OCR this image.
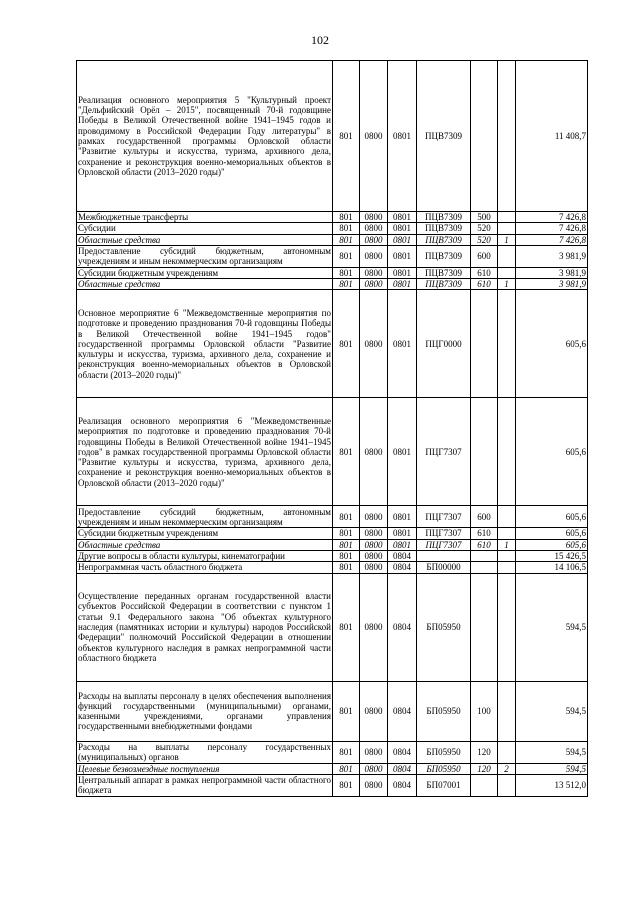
102
Реализация основного мероприятия 5 "Культурный проект "Дельфийский Орёл – 2015", посвященный 70-й годовщине Победы в Великой Отечественной войне 1941–1945 годов и проводимому в Российской Федерации Году литературы" в рамках государственной программы Орловской области "Развитие культуры и искусства, туризма, архивного дела, сохранение и реконструкция военно-мемориальных объектов в Орловской области (2013–2020 годы)"	801	0800	0801	ПЦВ7309			11 408,7
Межбюджетные трансферты	801	0800	0801	ПЦВ7309	500		7 426,8
Субсидии	801	0800	0801	ПЦВ7309	520		7 426,8
Областные средства	801	0800	0801	ПЦВ7309	520	1	7 426,8
Предоставление субсидий бюджетным, автономным учреждениям и иным некоммерческим организациям	801	0800	0801	ПЦВ7309	600		3 981,9
Субсидии бюджетным учреждениям	801	0800	0801	ПЦВ7309	610		3 981,9
Областные средства	801	0800	0801	ПЦВ7309	610	1	3 981,9
Основное мероприятие 6 "Межведомственные мероприятия по подготовке и проведению празднования 70-й годовщины Победы в Великой Отечественной войне 1941–1945 годов" государственной программы Орловской области "Развитие культуры и искусства, туризма, архивного дела, сохранение и реконструкция военно-мемориальных объектов в Орловской области (2013–2020 годы)"	801	0800	0801	ПЦГ0000			605,6
Реализация основного мероприятия 6 "Межведомственные мероприятия по подготовке и проведению празднования 70-й годовщины Победы в Великой Отечественной войне 1941–1945 годов" в рамках государственной программы Орловской области "Развитие культуры и искусства, туризма, архивного дела, сохранение и реконструкция военно-мемориальных объектов в Орловской области (2013–2020 годы)"	801	0800	0801	ПЦГ7307			605,6
Предоставление субсидий бюджетным, автономным учреждениям и иным некоммерческим организациям	801	0800	0801	ПЦГ7307	600		605,6
Субсидии бюджетным учреждениям	801	0800	0801	ПЦГ7307	610		605,6
Областные средства	801	0800	0801	ПЦГ7307	610	1	605,6
Другие вопросы в области культуры, кинематографии	801	0800	0804				15 426,5
Непрограммная часть областного бюджета	801	0800	0804	БП00000			14 106,5
Осуществление переданных органам государственной власти субъектов Российской Федерации в соответствии с пунктом 1 статьи 9.1 Федерального закона "Об объектах культурного наследия (памятниках истории и культуры) народов Российской Федерации" полномочий Российской Федерации в отношении объектов культурного наследия в рамках непрограммной части областного бюджета	801	0800	0804	БП05950			594,5
Расходы на выплаты персоналу в целях обеспечения выполнения функций государственными (муниципальными) органами, казенными учреждениями, органами управления государственными внебюджетными фондами	801	0800	0804	БП05950	100		594,5
Расходы на выплаты персоналу государственных (муниципальных) органов	801	0800	0804	БП05950	120		594,5
Целевые безвозмездные поступления	801	0800	0804	БП05950	120	2	594,5
Центральный аппарат в рамках непрограммной части областного бюджета	801	0800	0804	БП07001			13 512,0
